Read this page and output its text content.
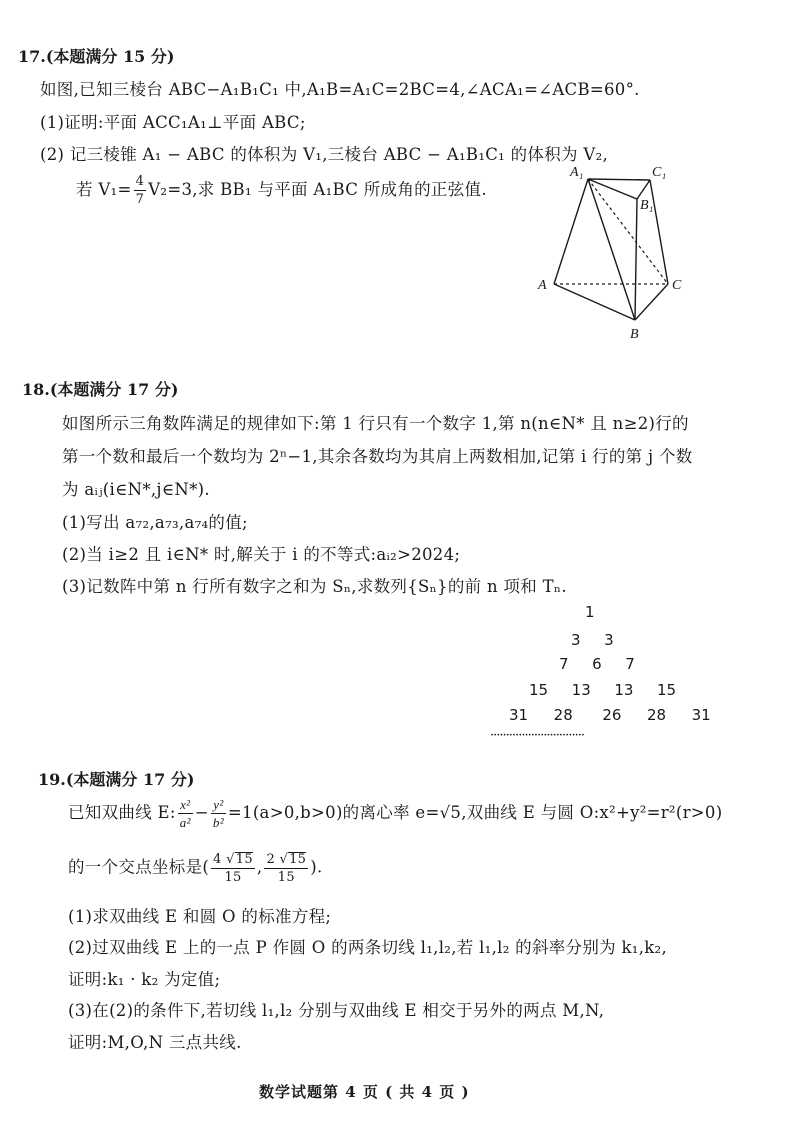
17.(本题满分 15 分)
如图,已知三棱台 ABC−A₁B₁C₁ 中,A₁B=A₁C=2BC=4,∠ACA₁=∠ACB=60°.
(1)证明:平面 ACC₁A₁⊥平面 ABC;
(2) 记三棱锥 A₁ − ABC 的体积为 V₁,三棱台 ABC − A₁B₁C₁ 的体积为 V₂,
若 $V_1= \frac{4}{7} V_2=3$,求 BB₁ 与平面 A₁BC 所成角的正弦值.
A₁	C₁
B₁
A	C
B
18.(本题满分 17 分)
如图所示三角数阵满足的规律如下:第 1 行只有一个数字 1,第 n(n∈N* 且 n≥2)行的
第一个数和最后一个数均为 2ⁿ−1,其余各数均为其肩上两数相加,记第 i 行的第 j 个数
为 aᵢⱼ(i∈N*,j∈N*).
(1)写出 a₇₂,a₇₃,a₇₄的值;
(2)当 i≥2 且 i∈N* 时,解关于 i 的不等式:aᵢ₂>2024;
(3)记数阵中第 n 行所有数字之和为 Sₙ,求数列{Sₙ}的前 n 项和 Tₙ.
1
3 3
7 6 7
15 13 13 15
31 28 26 28 31
······························
19.(本题满分 17 分)
已知双曲线 E: $\frac{\text{x²}}{\text{a²}} - \frac{\text{y²}}{\text{b²}} =1(a>0,b>0)$的离心率 e=√5,双曲线 E 与圆 O:x²+y²=r²(r>0)
的一个交点坐标是( $\frac{4 √15}{15}$ , $\frac{2 √15}{15}$ ).
(1)求双曲线 E 和圆 O 的标准方程;
(2)过双曲线 E 上的一点 P 作圆 O 的两条切线 l₁,l₂,若 l₁,l₂ 的斜率分别为 k₁,k₂,
证明:k₁ · k₂ 为定值;
(3)在(2)的条件下,若切线 l₁,l₂ 分别与双曲线 E 相交于另外的两点 M,N,
证明:M,O,N 三点共线.
数学试题第 4 页 ( 共 4 页 )
